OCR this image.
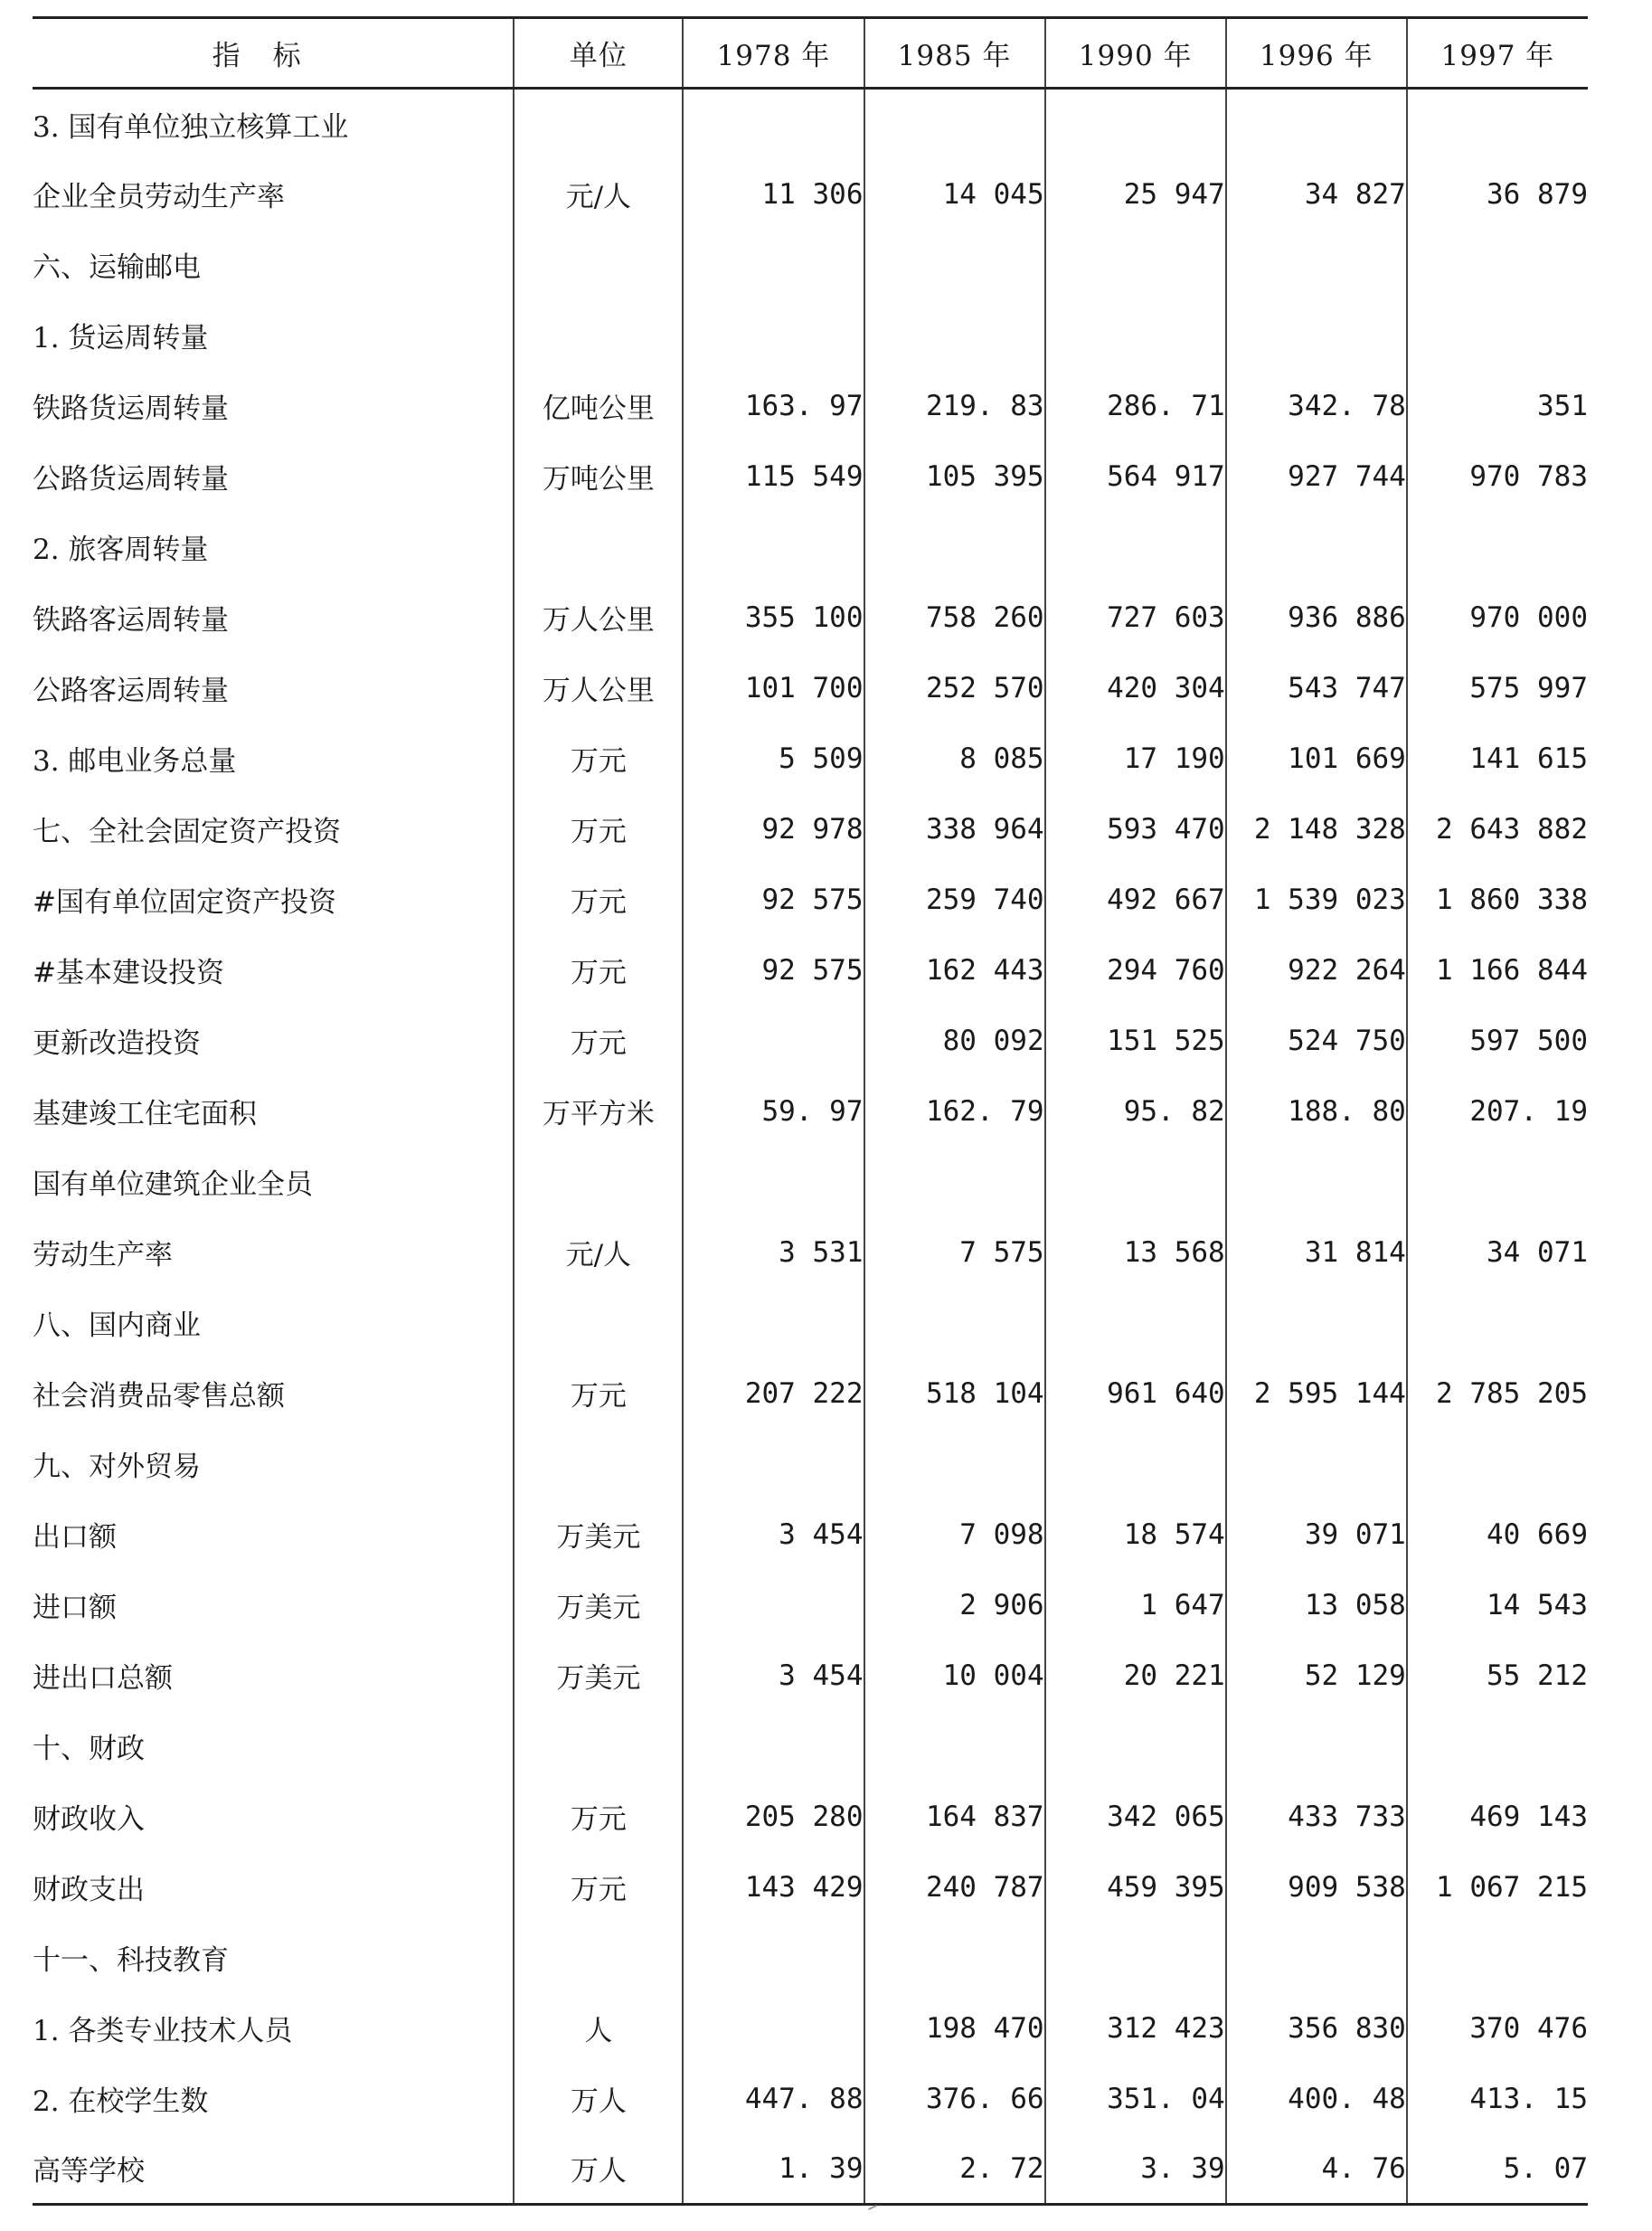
指标	单位	1978 年	1985 年	1990 年	1996 年	1997 年
3. 国有单位独立核算工业						
企业全员劳动生产率	元/人	11 306	14 045	25 947	34 827	36 879
六、运输邮电						
1. 货运周转量						
铁路货运周转量	亿吨公里	163. 97	219. 83	286. 71	342. 78	351
公路货运周转量	万吨公里	115 549	105 395	564 917	927 744	970 783
2. 旅客周转量						
铁路客运周转量	万人公里	355 100	758 260	727 603	936 886	970 000
公路客运周转量	万人公里	101 700	252 570	420 304	543 747	575 997
3. 邮电业务总量	万元	5 509	8 085	17 190	101 669	141 615
七、全社会固定资产投资	万元	92 978	338 964	593 470	2 148 328	2 643 882
#国有单位固定资产投资	万元	92 575	259 740	492 667	1 539 023	1 860 338
#基本建设投资	万元	92 575	162 443	294 760	922 264	1 166 844
更新改造投资	万元		80 092	151 525	524 750	597 500
基建竣工住宅面积	万平方米	59. 97	162. 79	95. 82	188. 80	207. 19
国有单位建筑企业全员						
劳动生产率	元/人	3 531	7 575	13 568	31 814	34 071
八、国内商业						
社会消费品零售总额	万元	207 222	518 104	961 640	2 595 144	2 785 205
九、对外贸易						
出口额	万美元	3 454	7 098	18 574	39 071	40 669
进口额	万美元		2 906	1 647	13 058	14 543
进出口总额	万美元	3 454	10 004	20 221	52 129	55 212
十、财政						
财政收入	万元	205 280	164 837	342 065	433 733	469 143
财政支出	万元	143 429	240 787	459 395	909 538	1 067 215
十一、科技教育						
1. 各类专业技术人员	人		198 470	312 423	356 830	370 476
2. 在校学生数	万人	447. 88	376. 66	351. 04	400. 48	413. 15
高等学校	万人	1. 39	2. 72	3. 39	4. 76	5. 07
